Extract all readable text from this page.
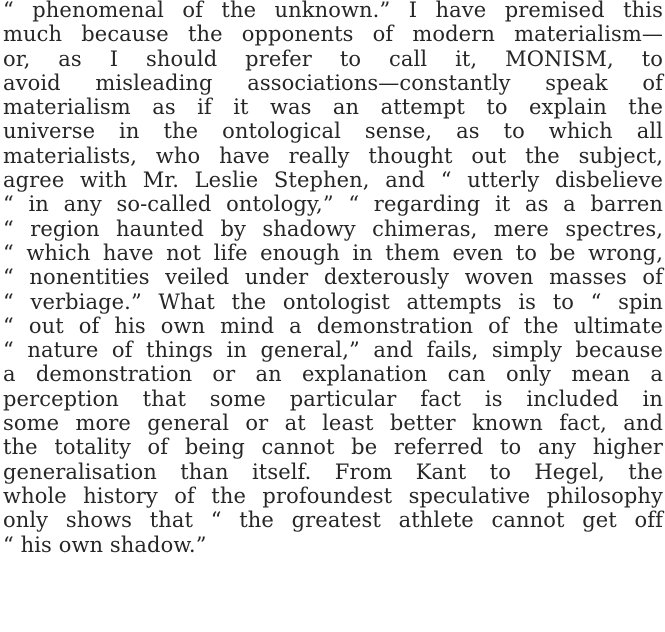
“ phenomenal of the unknown.” I have premised this
much because the opponents of modern materialism—
or, as I should prefer to call it, MONISM, to
avoid misleading associations—constantly speak of
materialism as if it was an attempt to explain the
universe in the ontological sense, as to which all
materialists, who have really thought out the subject,
agree with Mr. Leslie Stephen, and “ utterly disbelieve
“ in any so-called ontology,” “ regarding it as a barren
“ region haunted by shadowy chimeras, mere spectres,
“ which have not life enough in them even to be wrong,
“ nonentities veiled under dexterously woven masses of
“ verbiage.” What the ontologist attempts is to “ spin
“ out of his own mind a demonstration of the ultimate
“ nature of things in general,” and fails, simply because
a demonstration or an explanation can only mean a
perception that some particular fact is included in
some more general or at least better known fact, and
the totality of being cannot be referred to any higher
generalisation than itself. From Kant to Hegel, the
whole history of the profoundest speculative philosophy
only shows that “ the greatest athlete cannot get off
“ his own shadow.”
